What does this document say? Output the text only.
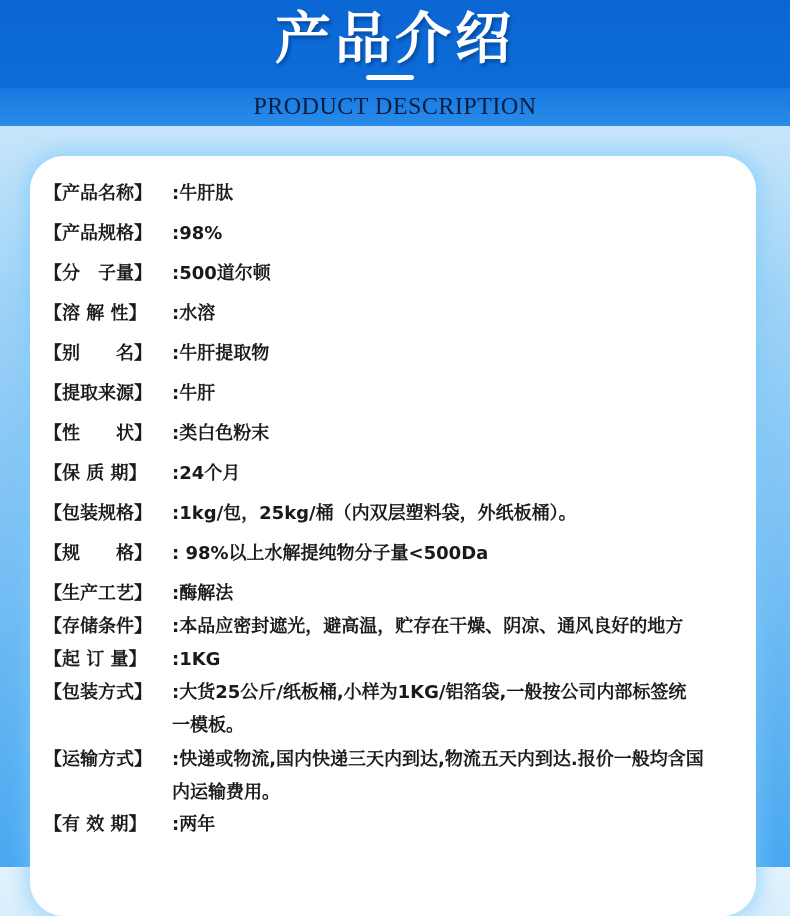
产品介绍
PRODUCT DESCRIPTION
【产品名称】 :牛肝肽
【产品规格】 :98%
【分　子量】 :500道尔顿
【溶 解 性】 :水溶
【别　　名】 :牛肝提取物
【提取来源】 :牛肝
【性　　状】 :类白色粉末
【保 质 期】 :24个月
【包装规格】 :1kg/包，25kg/桶（内双层塑料袋，外纸板桶）。
【规　　格】 : 98%以上水解提纯物分子量<500Da
【生产工艺】 :酶解法
【存储条件】 :本品应密封遮光，避高温，贮存在干燥、阴凉、通风良好的地方
【起 订 量】 :1KG
【包装方式】 :大货25公斤/纸板桶,小样为1KG/铝箔袋,一般按公司内部标签统
一模板。
【运输方式】 :快递或物流,国内快递三天内到达,物流五天内到达.报价一般均含国
内运输费用。
【有 效 期】 :两年
